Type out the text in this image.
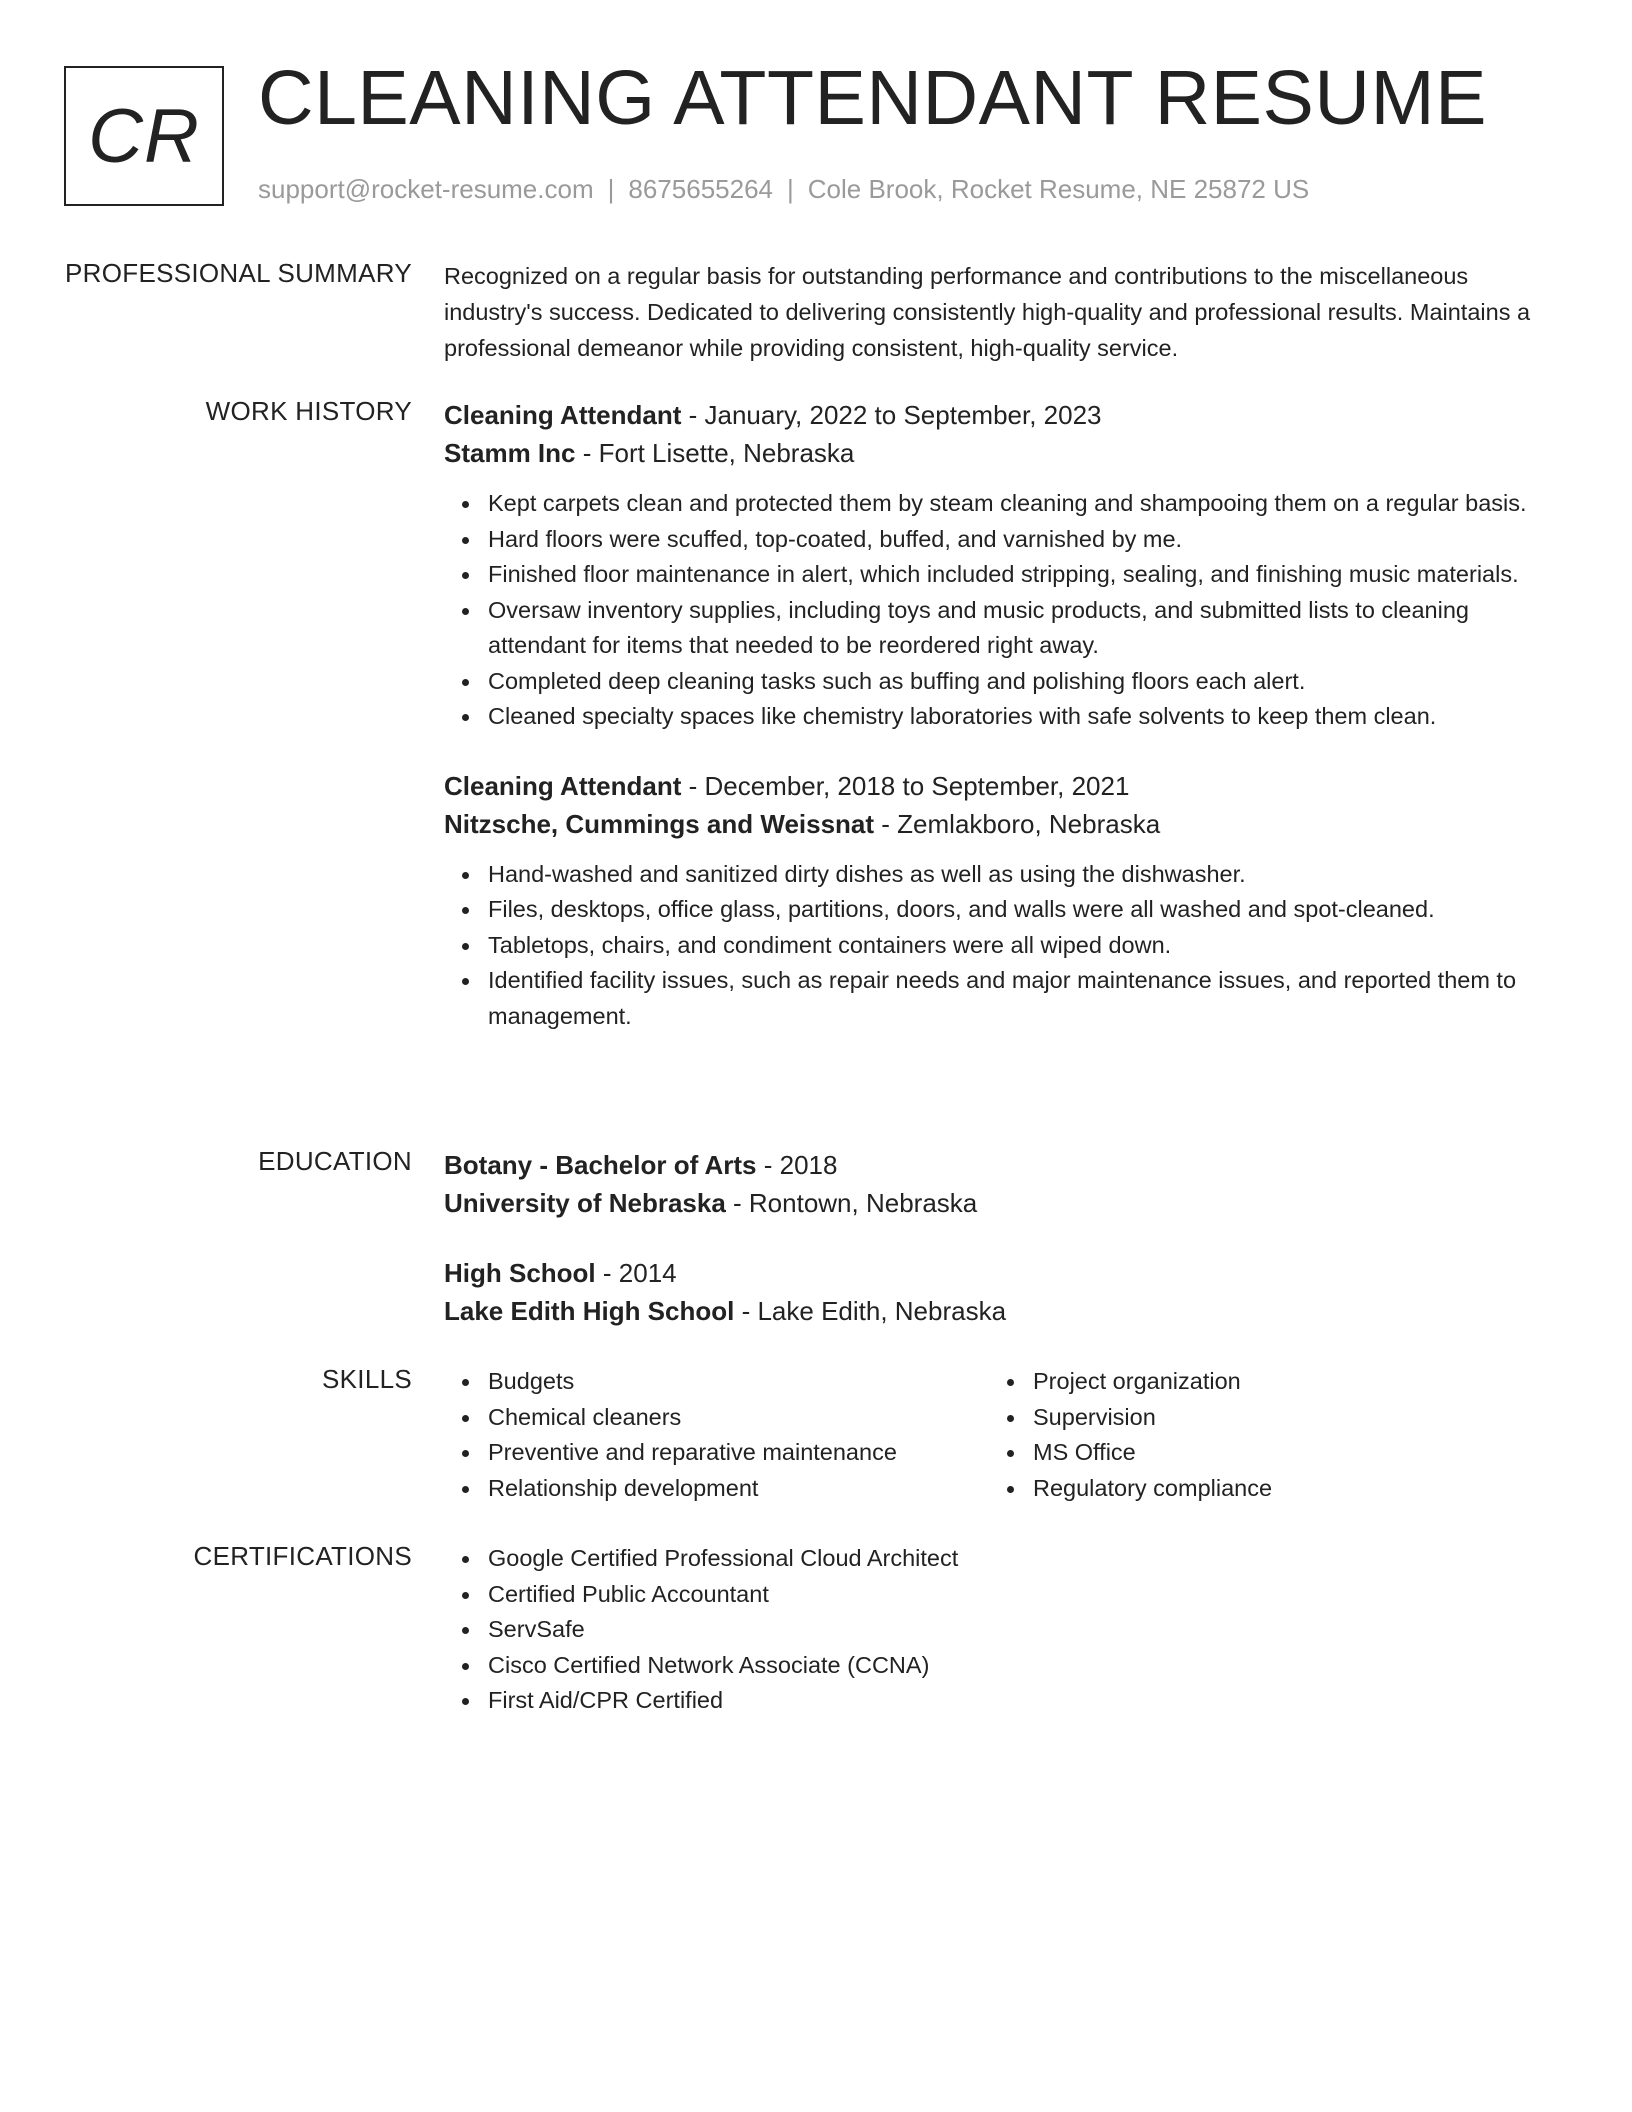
CR CLEANING ATTENDANT RESUME
support@rocket-resume.com | 8675655264 | Cole Brook, Rocket Resume, NE 25872 US
PROFESSIONAL SUMMARY Recognized on a regular basis for outstanding performance and contributions to the miscellaneous industry's success. Dedicated to delivering consistently high-quality and professional results. Maintains a professional demeanor while providing consistent, high-quality service.

WORK HISTORY Cleaning Attendant - January, 2022 to September, 2023
Stamm Inc - Fort Lisette, Nebraska
Kept carpets clean and protected them by steam cleaning and shampooing them on a regular basis.
Hard floors were scuffed, top-coated, buffed, and varnished by me.
Finished floor maintenance in alert, which included stripping, sealing, and finishing music materials.
Oversaw inventory supplies, including toys and music products, and submitted lists to cleaning attendant for items that needed to be reordered right away.
Completed deep cleaning tasks such as buffing and polishing floors each alert.
Cleaned specialty spaces like chemistry laboratories with safe solvents to keep them clean.
Cleaning Attendant - December, 2018 to September, 2021
Nitzsche, Cummings and Weissnat - Zemlakboro, Nebraska
Hand-washed and sanitized dirty dishes as well as using the dishwasher.
Files, desktops, office glass, partitions, doors, and walls were all washed and spot-cleaned.
Tabletops, chairs, and condiment containers were all wiped down.
Identified facility issues, such as repair needs and major maintenance issues, and reported them to management.
EDUCATION Botany - Bachelor of Arts - 2018
University of Nebraska - Rontown, Nebraska
High School - 2014
Lake Edith High School - Lake Edith, Nebraska
SKILLS	Budgets
Chemical cleaners
Preventive and reparative maintenance
Relationship development
Project organization
Supervision
MS Office
Regulatory compliance
CERTIFICATIONS	Google Certified Professional Cloud Architect
Certified Public Accountant
ServSafe
Cisco Certified Network Associate (CCNA)
First Aid/CPR Certified
